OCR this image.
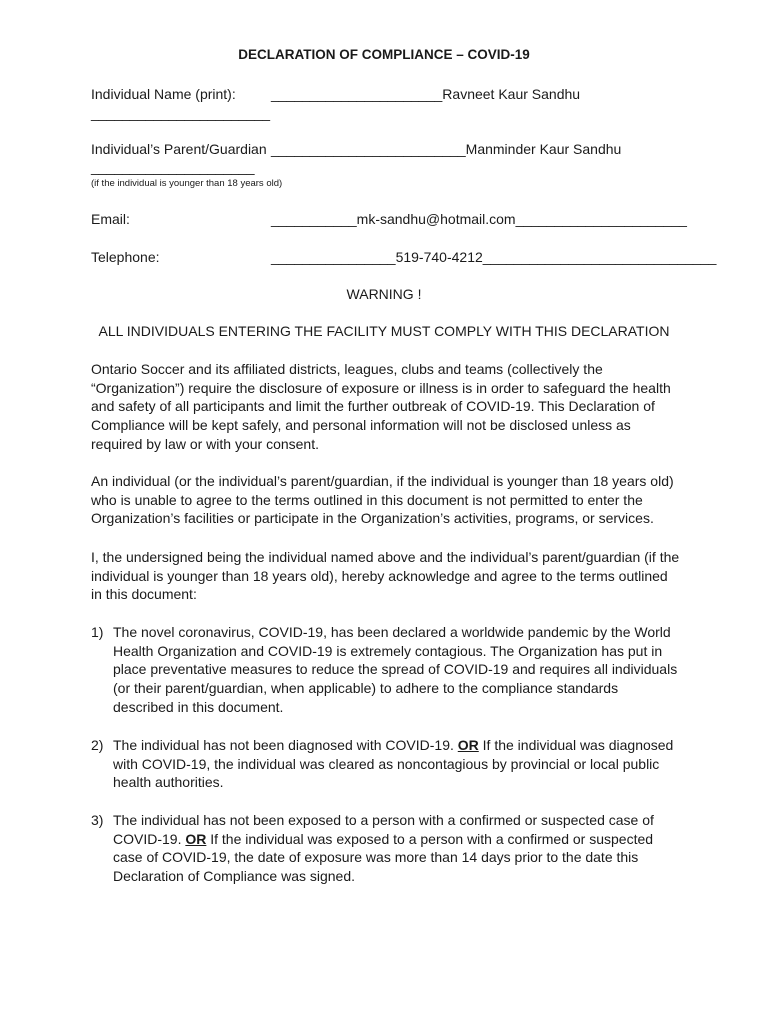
DECLARATION OF COMPLIANCE – COVID-19
Individual Name (print):	______________________Ravneet Kaur Sandhu
_______________________
Individual’s Parent/Guardian _________________________Manminder Kaur Sandhu
_____________________
(if the individual is younger than 18 years old)
Email:	___________mk-sandhu@hotmail.com______________________
Telephone:	________________519-740-4212______________________________
WARNING !
ALL INDIVIDUALS ENTERING THE FACILITY MUST COMPLY WITH THIS DECLARATION
Ontario Soccer and its affiliated districts, leagues, clubs and teams (collectively the “Organization”) require the disclosure of exposure or illness is in order to safeguard the health and safety of all participants and limit the further outbreak of COVID-19. This Declaration of Compliance will be kept safely, and personal information will not be disclosed unless as required by law or with your consent.
An individual (or the individual’s parent/guardian, if the individual is younger than 18 years old) who is unable to agree to the terms outlined in this document is not permitted to enter the Organization’s facilities or participate in the Organization’s activities, programs, or services.
I, the undersigned being the individual named above and the individual’s parent/guardian (if the individual is younger than 18 years old), hereby acknowledge and agree to the terms outlined in this document:
1) The novel coronavirus, COVID-19, has been declared a worldwide pandemic by the World Health Organization and COVID-19 is extremely contagious. The Organization has put in place preventative measures to reduce the spread of COVID-19 and requires all individuals (or their parent/guardian, when applicable) to adhere to the compliance standards described in this document.
2) The individual has not been diagnosed with COVID-19. OR If the individual was diagnosed with COVID-19, the individual was cleared as noncontagious by provincial or local public health authorities.
3) The individual has not been exposed to a person with a confirmed or suspected case of COVID-19. OR If the individual was exposed to a person with a confirmed or suspected case of COVID-19, the date of exposure was more than 14 days prior to the date this Declaration of Compliance was signed.
